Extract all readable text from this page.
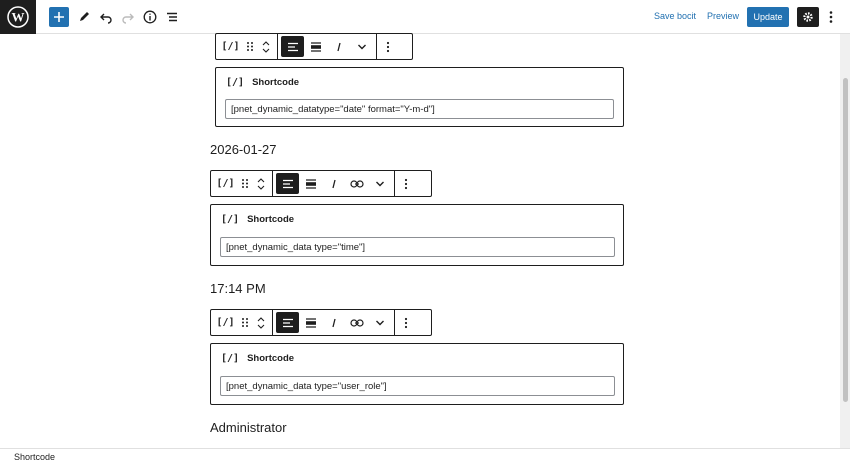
W	Save bocit Preview	Update
[/]
[/] Shortcode
[pnet_dynamic_datatype="date" format="Y-m-d"]
2026-01-27
[/]
[/] Shortcode
[pnet_dynamic_data type="time"]
17:14 PM
[/]
[/] Shortcode
[pnet_dynamic_data type="user_role"]
Administrator
Shortcode
